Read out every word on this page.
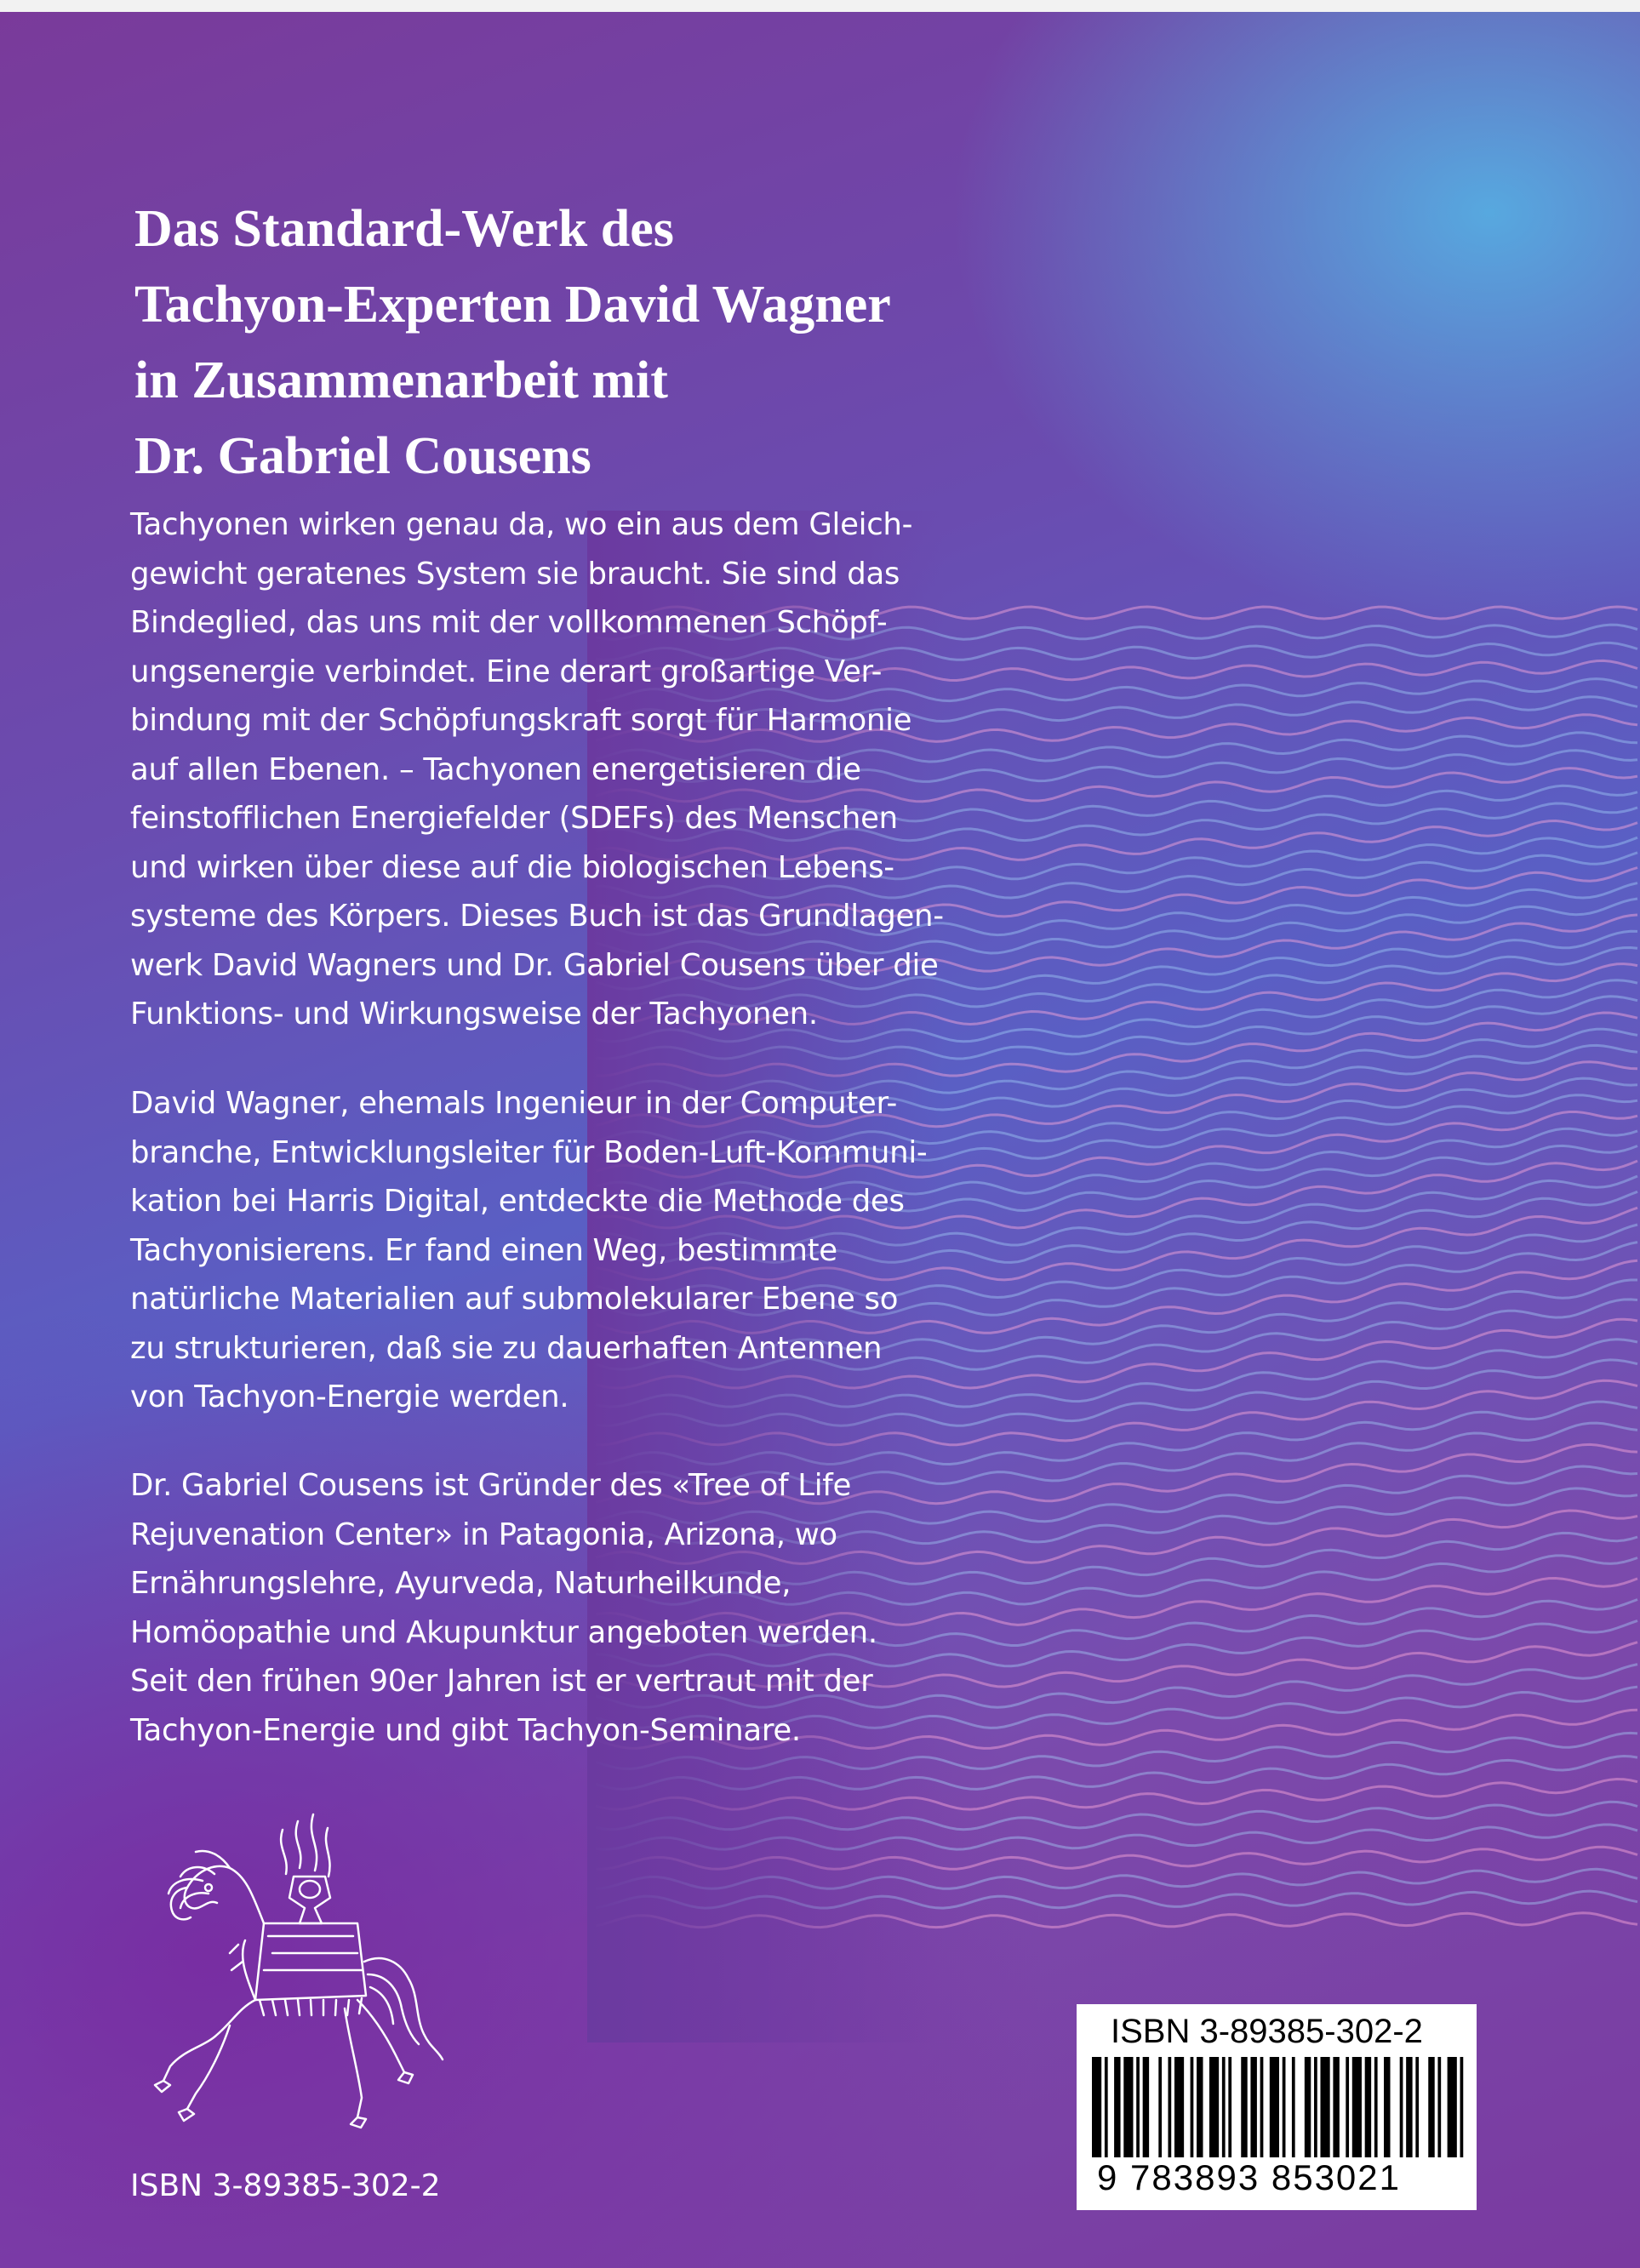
Das Standard-Werk des
Tachyon-Experten David Wagner
in Zusammenarbeit mit
Dr. Gabriel Cousens
Tachyonen wirken genau da, wo ein aus dem Gleich-
gewicht geratenes System sie braucht. Sie sind das
Bindeglied, das uns mit der vollkommenen Schöpf-
ungsenergie verbindet. Eine derart großartige Ver-
bindung mit der Schöpfungskraft sorgt für Harmonie
auf allen Ebenen. – Tachyonen energetisieren die
feinstofflichen Energiefelder (SDEFs) des Menschen
und wirken über diese auf die biologischen Lebens-
systeme des Körpers. Dieses Buch ist das Grundlagen-
werk David Wagners und Dr. Gabriel Cousens über die
Funktions- und Wirkungsweise der Tachyonen.
David Wagner, ehemals Ingenieur in der Computer-
branche, Entwicklungsleiter für Boden-Luft-Kommuni-
kation bei Harris Digital, entdeckte die Methode des
Tachyonisierens. Er fand einen Weg, bestimmte
natürliche Materialien auf submolekularer Ebene so
zu strukturieren, daß sie zu dauerhaften Antennen
von Tachyon-Energie werden.
Dr. Gabriel Cousens ist Gründer des «Tree of Life
Rejuvenation Center» in Patagonia, Arizona, wo
Ernährungslehre, Ayurveda, Naturheilkunde,
Homöopathie und Akupunktur angeboten werden.
Seit den frühen 90er Jahren ist er vertraut mit der
Tachyon-Energie und gibt Tachyon-Seminare.
ISBN 3-89385-302-2
ISBN 3-89385-302-2
9 783893 853021
